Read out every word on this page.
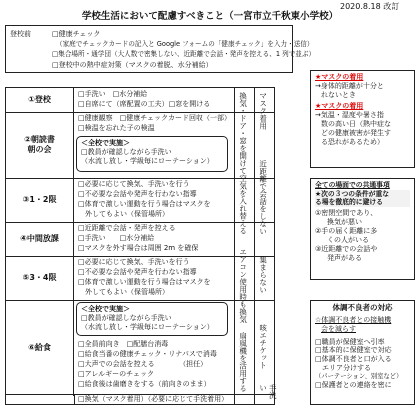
2020.8.18 改訂
学校生活において配慮すべきこと（一宮市立千秋東小学校）
登校前	□健康チェック
（家庭でチェックカードの記入と Google フォームの「健康チェック」を入力・送信）
□集合場所・通学団（大人数で密集しない、近距離で会話・発声を控える、1 列で並ぶ）
□登校中の熱中症対策（マスクの着脱、水分補給）
★マスクの着用
→身体的距離が十分と
れないとき
★マスクの着用
→気温・湿度や暑さ指
数の高い日（熱中症な
どの健康被害が発生す
る恐れがあるため）
①登校
□手洗い　□水分補給
□自席にて（席配置の工夫）□窓を開ける
②朝読書
朝の会
□健康観察　□健康チェックカード回収（一部）
□検温を忘れた子の検温
＜全校で実施＞
□教員が確認しながら手洗い
（水流し放し・学級毎にローテーション）
③1・2限
□必要に応じて換気、手洗いを行う
□不必要な会話や発声を行わない指導
□体育で激しい運動を行う場合はマスクを
　外してもよい（保管場所）
④中間放課
□近距離で会話・発声を控える
□手洗い　　□水分補給
□マスクを外す場合は周囲 2m を確保
⑤3・4限
□必要に応じて換気、手洗いを行う
□不必要な会話や発声を行わない指導
□体育で激しい運動を行う場合はマスクを
　外してもよい（保管場所）
⑥給食
＜全校で実施＞
□教員が確認しながら手洗い
（水流し放し・学級毎にローテーション）
□全員前向き　□配膳台消毒
□給食当番の健康チェック・リナパスで消毒
□大声での会話を控える　　　　（担任）
□アレルギーのチェック
□給食後は歯磨きをする（前向きのまま）
□換気（マスク着用）（必要に応じて手洗着用）
換気・ドア・窓を開けて空気を入れ替える
エアコン使用時も換気
扇風機を活用する
マスク着用
近距離で会話をしない
集まらない
咳エチケット
手洗い
全ての場面での共通事項
★次の３つの条件が重な
る場を徹底的に避ける
①密閉空間であり、
換気が悪い
②手の届く距離に多
くの人がいる
③近距離での会話や
発声がある
体調不良者の対応
☆体調不良者との接触機
会を減らす
□職員が保健室へ引率
□基本的に保健室で対応
□体調不良者と口が入る
　エリア分けする
（パーテーション、別室など）
□保護者との連絡を密に
